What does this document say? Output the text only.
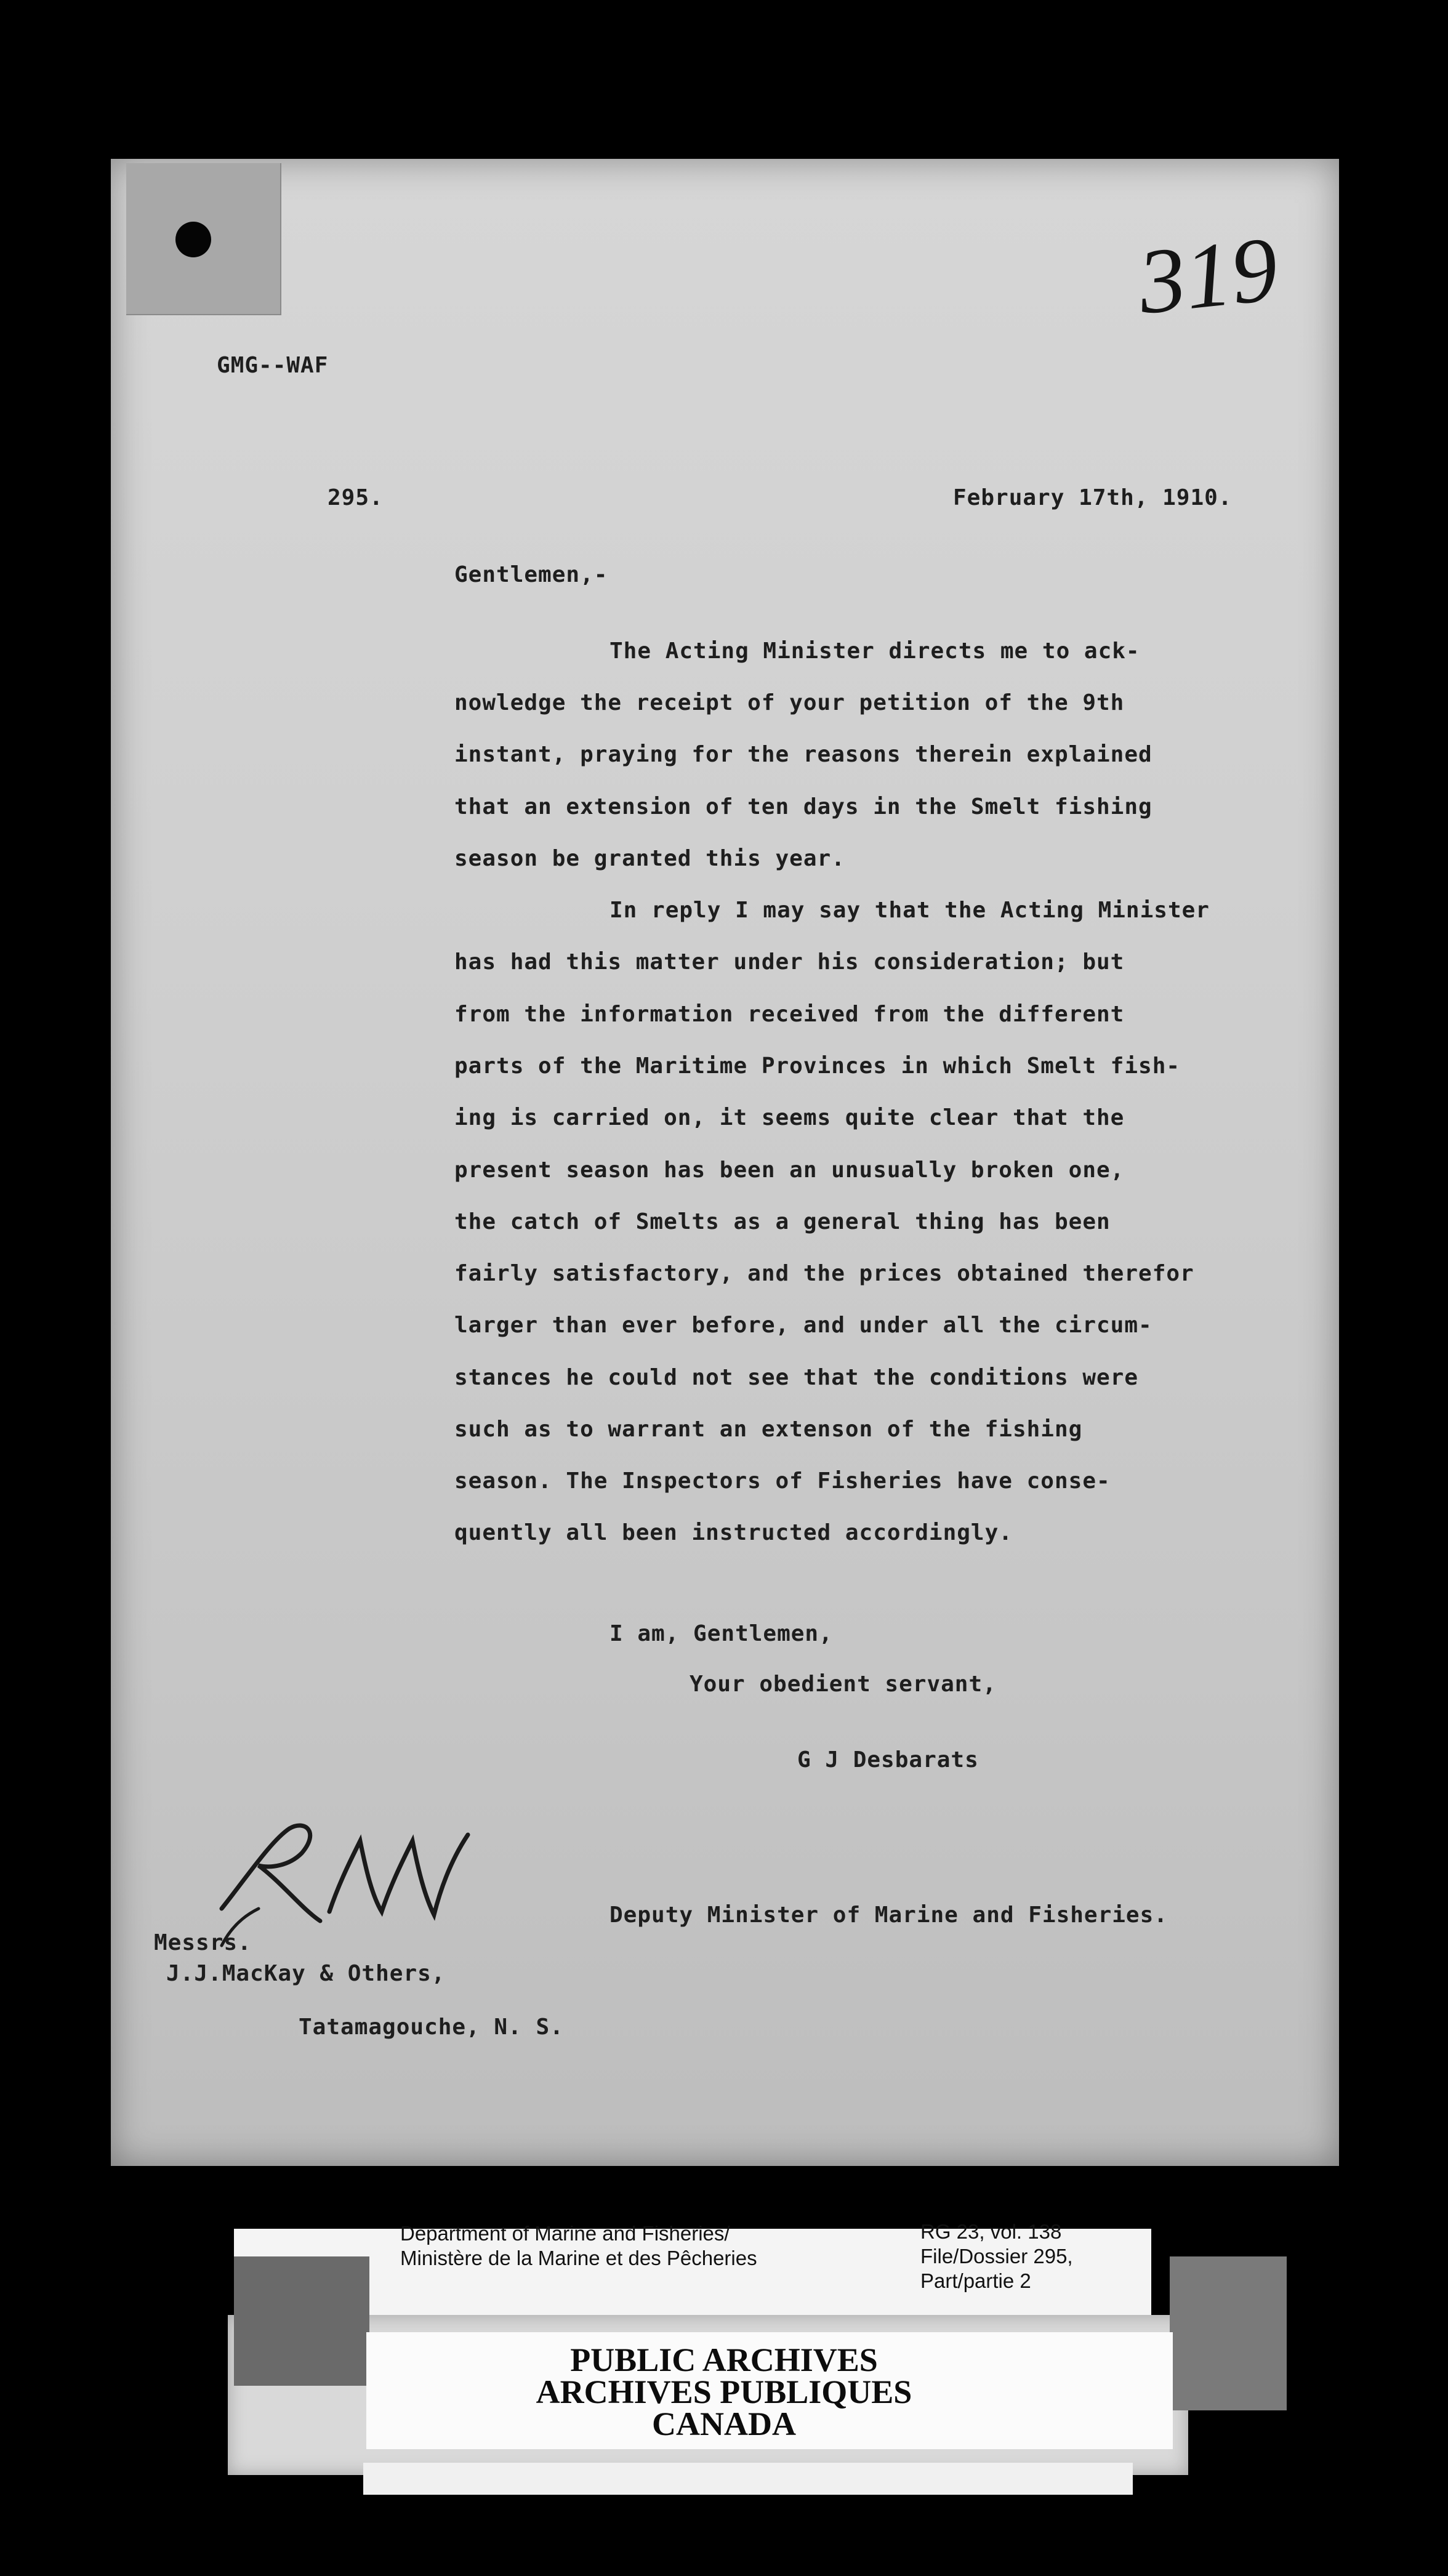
GMG--WAF
319
295.	February 17th, 1910.
Gentlemen,-
The Acting Minister directs me to ack-
nowledge the receipt of your petition of the 9th
instant, praying for the reasons therein explained
that an extension of ten days in the Smelt fishing
season be granted this year.
In reply I may say that the Acting Minister
has had this matter under his consideration; but
from the information received from the different
parts of the Maritime Provinces in which Smelt fish-
ing is carried on, it seems quite clear that the
present season has been an unusually broken one,
the catch of Smelts as a general thing has been
fairly satisfactory, and the prices obtained therefor
larger than ever before, and under all the circum-
stances he could not see that the conditions were
such as to warrant an extenson of the fishing
season. The Inspectors of Fisheries have conse-
quently all been instructed accordingly.
I am, Gentlemen,
Your obedient servant,
G J Desbarats
Deputy Minister of Marine and Fisheries.
Messrs.
J.J.MacKay & Others,
Tatamagouche, N. S.
Department of Marine and Fisheries/
Ministère de la Marine et des Pêcheries
RG 23, vol. 138
File/Dossier 295,
Part/partie 2
PUBLIC ARCHIVES
ARCHIVES PUBLIQUES
CANADA
